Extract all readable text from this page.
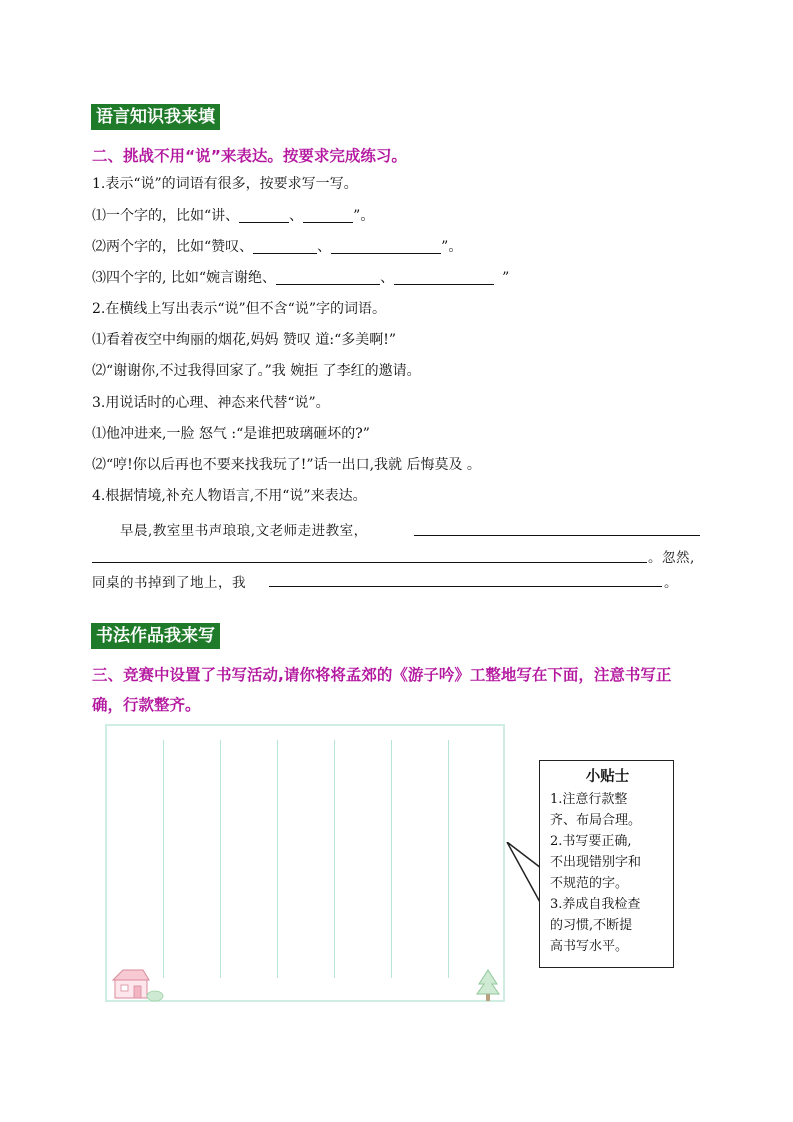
语言知识我来填
二、挑战不用“说”来表达。按要求完成练习。
1.表示“说”的词语有很多，按要求写一写。
⑴一个字的，比如“讲、	、	”。
⑵两个字的，比如“赞叹、	、	”。
⑶四个字的, 比如“婉言谢绝、	、	”
2.在横线上写出表示“说”但不含“说”字的词语。
⑴看着夜空中绚丽的烟花,妈妈 赞叹 道:“多美啊!”
⑵“谢谢你,不过我得回家了。”我 婉拒 了李红的邀请。
3.用说话时的心理、神态来代替“说”。
⑴他冲进来,一脸 怒气 :“是谁把玻璃砸坏的?”
⑵“哼!你以后再也不要来找我玩了!”话一出口,我就 后悔莫及 。
4.根据情境,补充人物语言,不用“说”来表达。
早晨,教室里书声琅琅,文老师走进教室，
。忽然,
同桌的书掉到了地上，我	。
书法作品我来写
三、竞赛中设置了书写活动,请你将将孟郊的《游子吟》工整地写在下面，注意书写正
确，行款整齐。
小贴士
1.注意行款整
齐、布局合理。
2.书写要正确,
不出现错别字和
不规范的字。
3.养成自我检查
的习惯,不断提
高书写水平。
